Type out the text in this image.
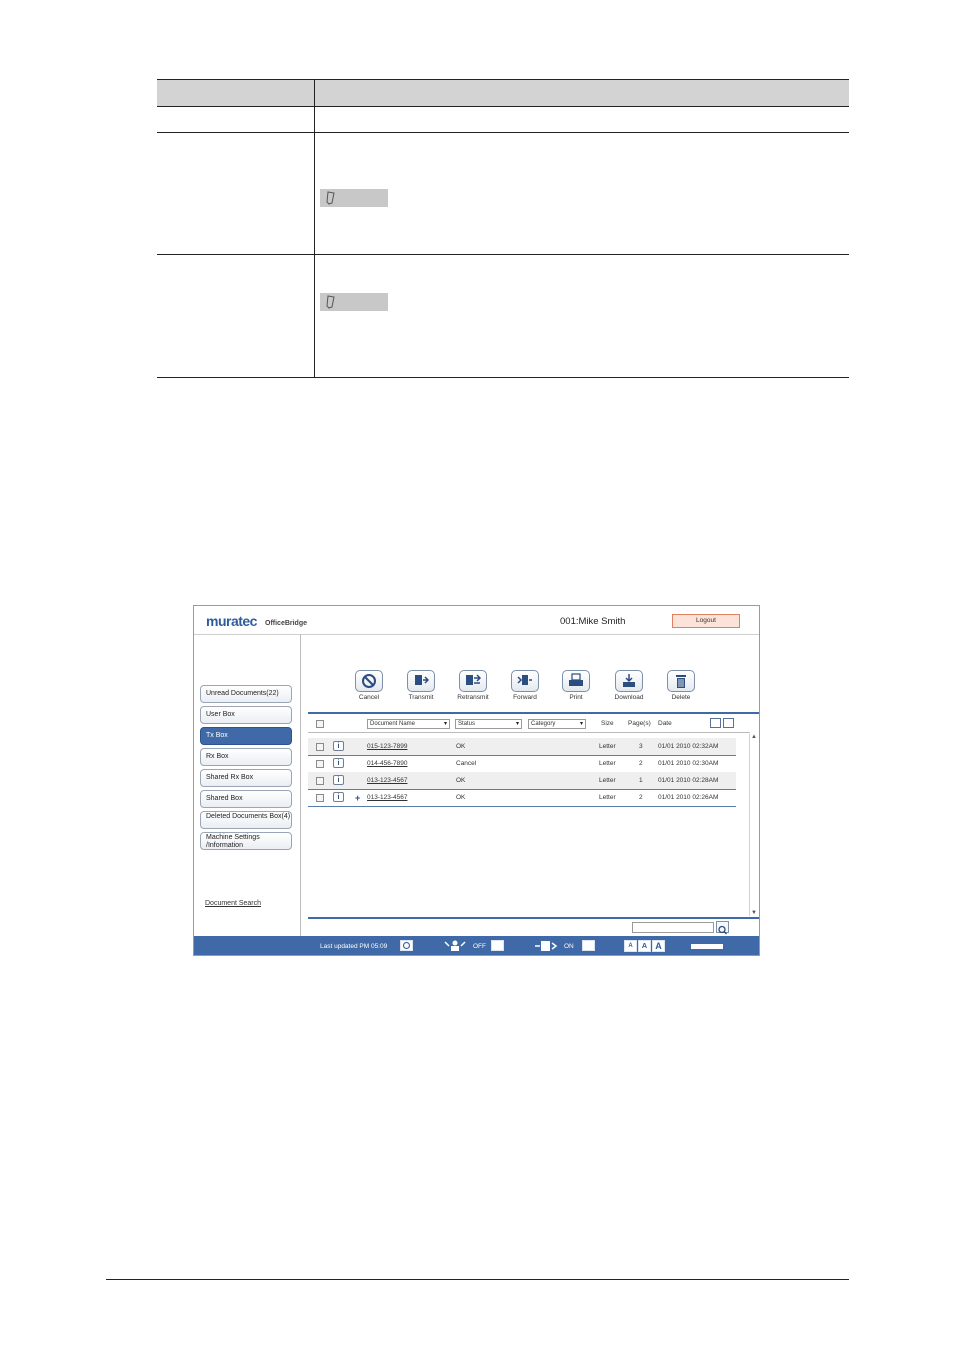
muratec OfficeBridge	001:Mike Smith	Logout
Unread Documents(22)
User Box
Tx Box
Rx Box
Shared Rx Box
Shared Box
Deleted Documents Box(4)
Machine Settings /Information
Document Search
Cancel	Transmit	Retransmit	Forward	Print	Download	Delete
Document Name ▾	Status ▾	Category ▾	Size Page(s) Date
i	015-123-7899	OK	Letter	3 01/01 2010 02:32AM
i	014-456-7890	Cancel	Letter	2 01/01 2010 02:30AM
i	013-123-4567	OK	Letter	1 01/01 2010 02:28AM
i	+ 013-123-4567	OK	Letter	2 01/01 2010 02:26AM
▲
▼
Last updated PM 05:09	OFF	ON	A	A A
